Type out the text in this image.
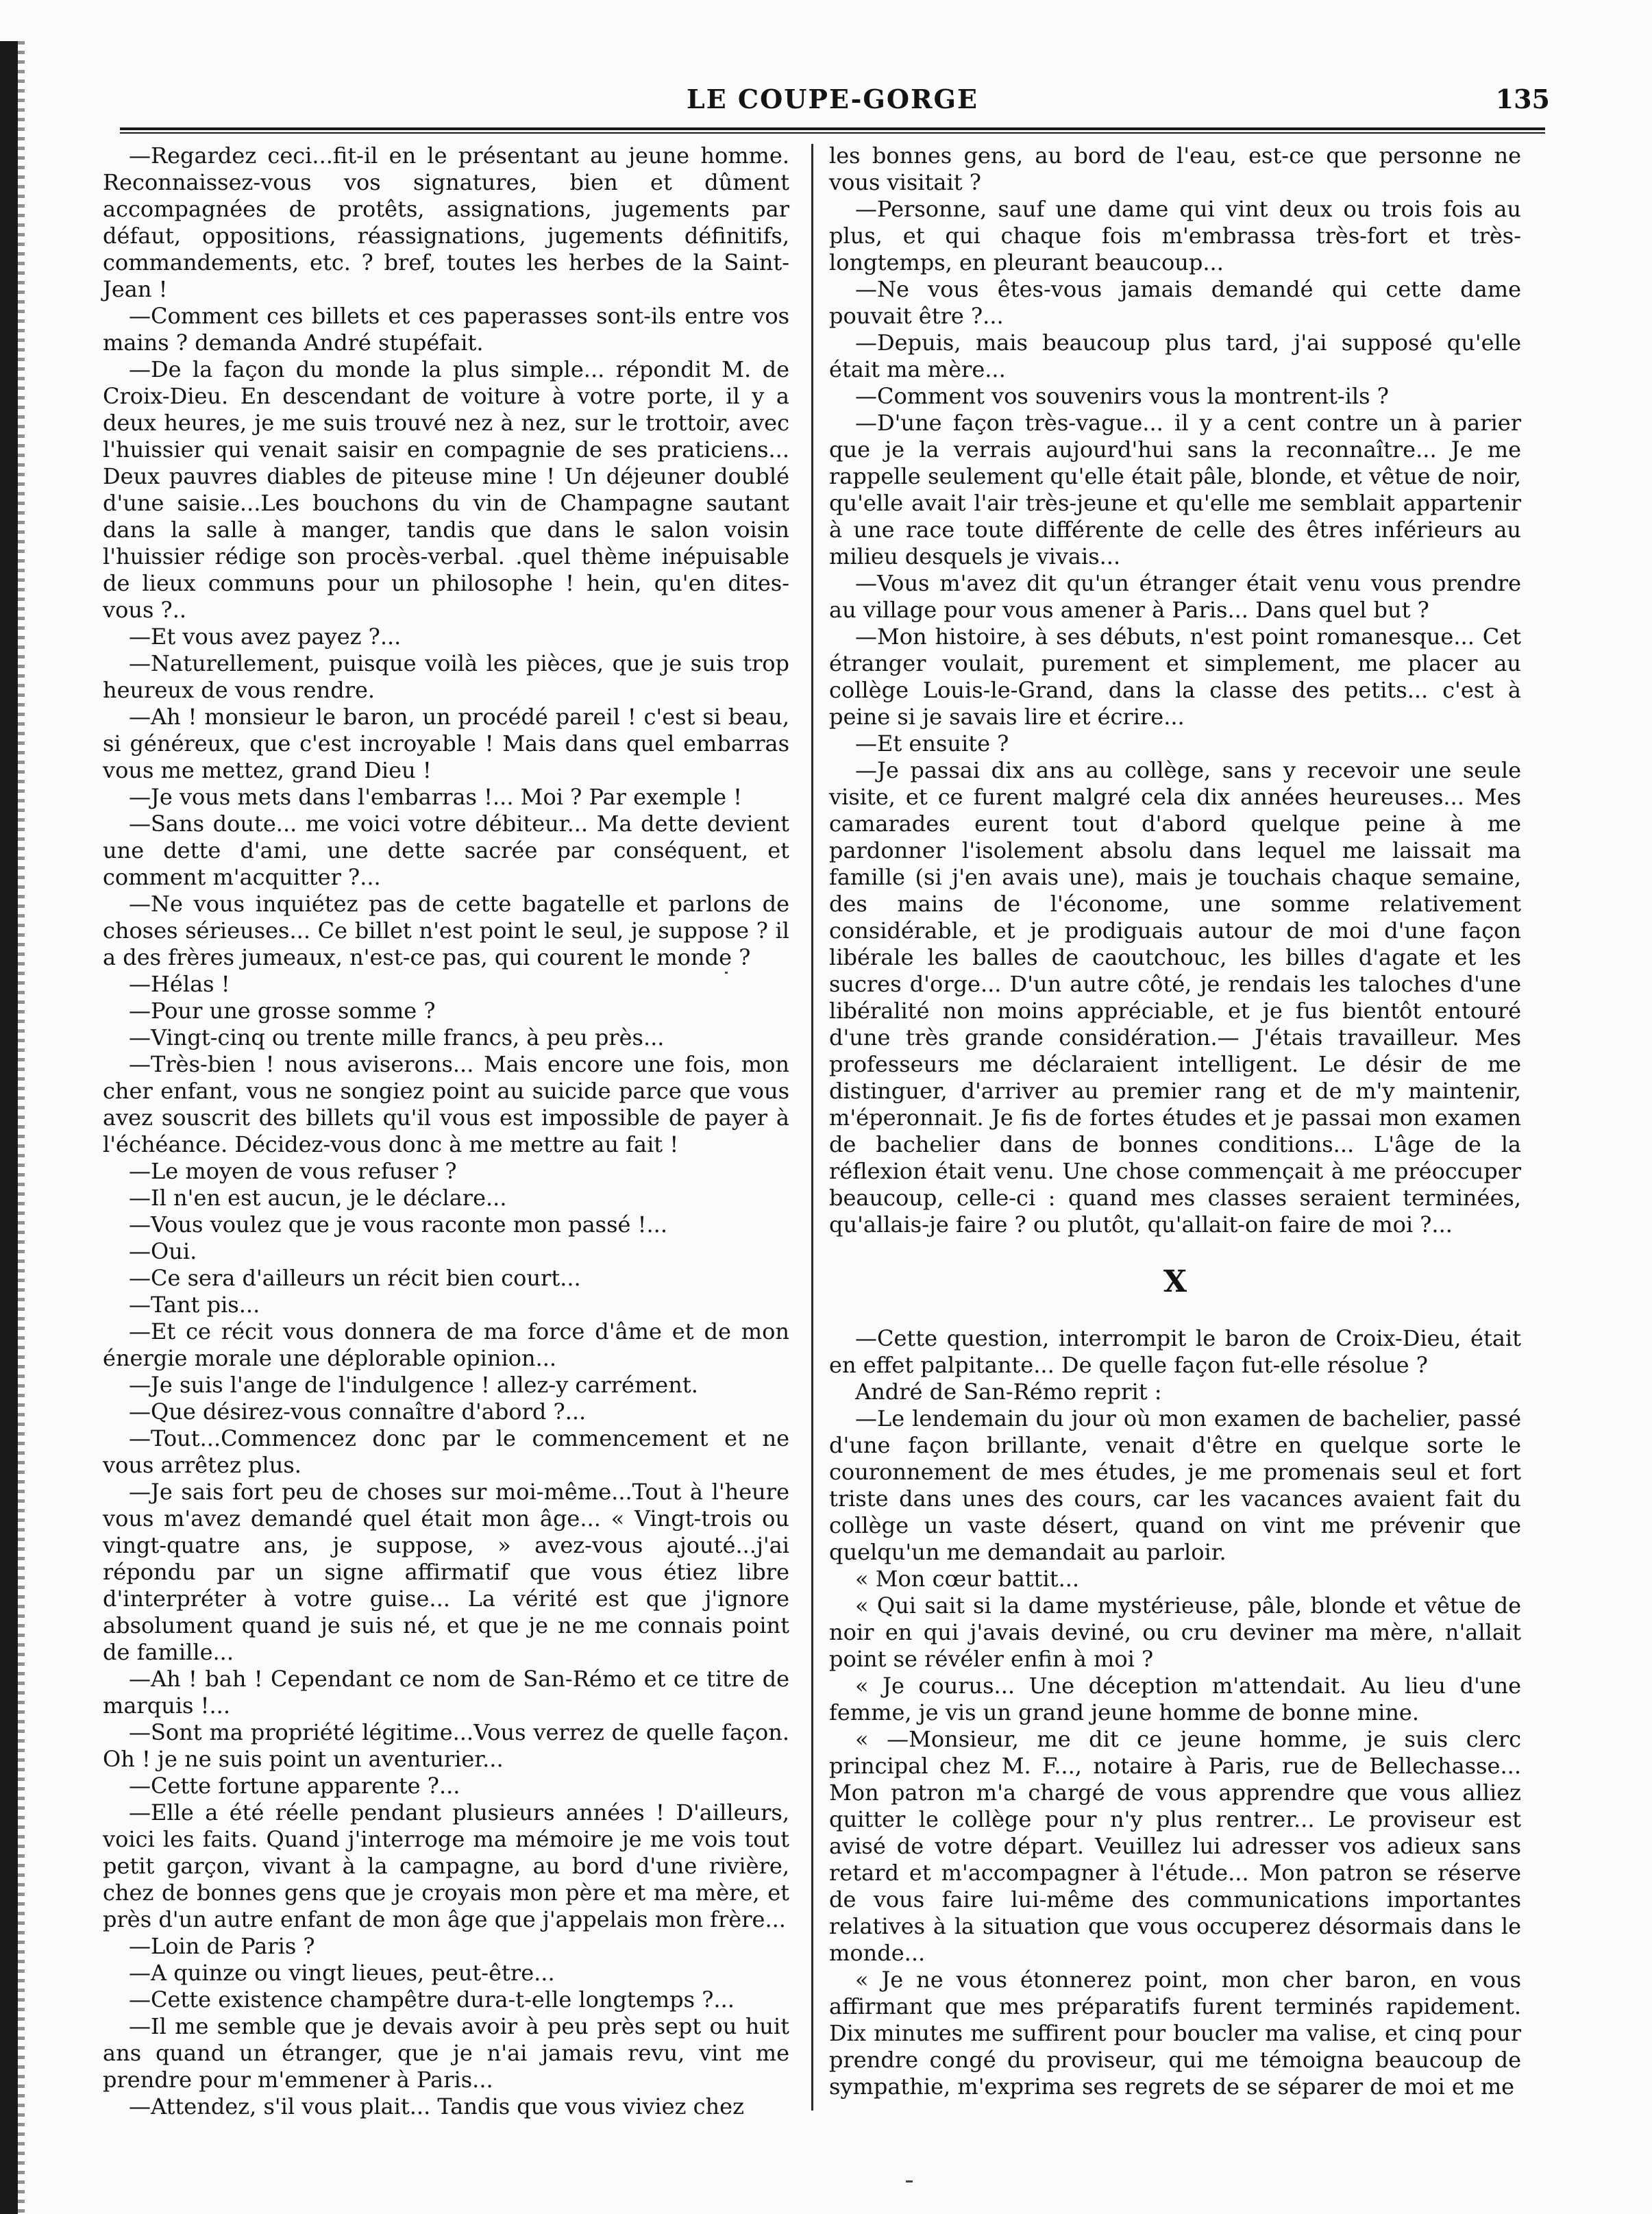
LE COUPE-GORGE	135

—Regardez ceci...fit-il en le présentant au jeune homme. Reconnaissez-vous vos signatures, bien et dûment accompagnées de protêts, assignations, jugements par défaut, oppositions, réassignations, jugements définitifs, commandements, etc. ? bref, toutes les herbes de la Saint-Jean !

—Comment ces billets et ces paperasses sont-ils entre vos mains ? demanda André stupéfait.

—De la façon du monde la plus simple... répondit M. de Croix-Dieu. En descendant de voiture à votre porte, il y a deux heures, je me suis trouvé nez à nez, sur le trottoir, avec l'huissier qui venait saisir en compagnie de ses praticiens... Deux pauvres diables de piteuse mine ! Un déjeuner doublé d'une saisie...Les bouchons du vin de Champagne sautant dans la salle à manger, tandis que dans le salon voisin l'huissier rédige son procès-verbal. .quel thème inépuisable de lieux communs pour un philosophe ! hein, qu'en dites-vous ?..

—Et vous avez payez ?...

—Naturellement, puisque voilà les pièces, que je suis trop heureux de vous rendre.

—Ah ! monsieur le baron, un procédé pareil ! c'est si beau, si généreux, que c'est incroyable ! Mais dans quel embarras vous me mettez, grand Dieu !

—Je vous mets dans l'embarras !... Moi ? Par exemple !

—Sans doute... me voici votre débiteur... Ma dette devient une dette d'ami, une dette sacrée par conséquent, et comment m'acquitter ?...

—Ne vous inquiétez pas de cette bagatelle et parlons de choses sérieuses... Ce billet n'est point le seul, je suppose ? il a des frères jumeaux, n'est-ce pas, qui courent le monde ?

—Hélas !

—Pour une grosse somme ?

—Vingt-cinq ou trente mille francs, à peu près...

—Très-bien ! nous aviserons... Mais encore une fois, mon cher enfant, vous ne songiez point au suicide parce que vous avez souscrit des billets qu'il vous est impossible de payer à l'échéance. Décidez-vous donc à me mettre au fait !

—Le moyen de vous refuser ?

—Il n'en est aucun, je le déclare...

—Vous voulez que je vous raconte mon passé !...

—Oui.

—Ce sera d'ailleurs un récit bien court...

—Tant pis...

—Et ce récit vous donnera de ma force d'âme et de mon énergie morale une déplorable opinion...

—Je suis l'ange de l'indulgence ! allez-y carrément.

—Que désirez-vous connaître d'abord ?...

—Tout...Commencez donc par le commencement et ne vous arrêtez plus.

—Je sais fort peu de choses sur moi-même...Tout à l'heure vous m'avez demandé quel était mon âge... « Vingt-trois ou vingt-quatre ans, je suppose, » avez-vous ajouté...j'ai répondu par un signe affirmatif que vous étiez libre d'interpréter à votre guise... La vérité est que j'ignore absolument quand je suis né, et que je ne me connais point de famille...

—Ah ! bah ! Cependant ce nom de San-Rémo et ce titre de marquis !...

—Sont ma propriété légitime...Vous verrez de quelle façon. Oh ! je ne suis point un aventurier...

—Cette fortune apparente ?...

—Elle a été réelle pendant plusieurs années ! D'ailleurs, voici les faits. Quand j'interroge ma mémoire je me vois tout petit garçon, vivant à la campagne, au bord d'une rivière, chez de bonnes gens que je croyais mon père et ma mère, et près d'un autre enfant de mon âge que j'appelais mon frère...

—Loin de Paris ?

—A quinze ou vingt lieues, peut-être...

—Cette existence champêtre dura-t-elle longtemps ?...

—Il me semble que je devais avoir à peu près sept ou huit ans quand un étranger, que je n'ai jamais revu, vint me prendre pour m'emmener à Paris...

—Attendez, s'il vous plait... Tandis que vous viviez chez

les bonnes gens, au bord de l'eau, est-ce que personne ne vous visitait ?

—Personne, sauf une dame qui vint deux ou trois fois au plus, et qui chaque fois m'embrassa très-fort et très-longtemps, en pleurant beaucoup...

—Ne vous êtes-vous jamais demandé qui cette dame pouvait être ?...

—Depuis, mais beaucoup plus tard, j'ai supposé qu'elle était ma mère...

—Comment vos souvenirs vous la montrent-ils ?

—D'une façon très-vague... il y a cent contre un à parier que je la verrais aujourd'hui sans la reconnaître... Je me rappelle seulement qu'elle était pâle, blonde, et vêtue de noir, qu'elle avait l'air très-jeune et qu'elle me semblait appartenir à une race toute différente de celle des êtres inférieurs au milieu desquels je vivais...

—Vous m'avez dit qu'un étranger était venu vous prendre au village pour vous amener à Paris... Dans quel but ?

—Mon histoire, à ses débuts, n'est point romanesque... Cet étranger voulait, purement et simplement, me placer au collège Louis-le-Grand, dans la classe des petits... c'est à peine si je savais lire et écrire...

—Et ensuite ?

—Je passai dix ans au collège, sans y recevoir une seule visite, et ce furent malgré cela dix années heureuses... Mes camarades eurent tout d'abord quelque peine à me pardonner l'isolement absolu dans lequel me laissait ma famille (si j'en avais une), mais je touchais chaque semaine, des mains de l'économe, une somme relativement considérable, et je prodiguais autour de moi d'une façon libérale les balles de caoutchouc, les billes d'agate et les sucres d'orge... D'un autre côté, je rendais les taloches d'une libéralité non moins appréciable, et je fus bientôt entouré d'une très grande considération.— J'étais travailleur. Mes professeurs me déclaraient intelligent. Le désir de me distinguer, d'arriver au premier rang et de m'y maintenir, m'éperonnait. Je fis de fortes études et je passai mon examen de bachelier dans de bonnes conditions... L'âge de la réflexion était venu. Une chose commençait à me préoccuper beaucoup, celle-ci : quand mes classes seraient terminées, qu'allais-je faire ? ou plutôt, qu'allait-on faire de moi ?...

X

—Cette question, interrompit le baron de Croix-Dieu, était en effet palpitante... De quelle façon fut-elle résolue ?

André de San-Rémo reprit :

—Le lendemain du jour où mon examen de bachelier, passé d'une façon brillante, venait d'être en quelque sorte le couronnement de mes études, je me promenais seul et fort triste dans unes des cours, car les vacances avaient fait du collège un vaste désert, quand on vint me prévenir que quelqu'un me demandait au parloir.

« Mon cœur battit...

« Qui sait si la dame mystérieuse, pâle, blonde et vêtue de noir en qui j'avais deviné, ou cru deviner ma mère, n'allait point se révéler enfin à moi ?

« Je courus... Une déception m'attendait. Au lieu d'une femme, je vis un grand jeune homme de bonne mine.

« —Monsieur, me dit ce jeune homme, je suis clerc principal chez M. F..., notaire à Paris, rue de Bellechasse... Mon patron m'a chargé de vous apprendre que vous alliez quitter le collège pour n'y plus rentrer... Le proviseur est avisé de votre départ. Veuillez lui adresser vos adieux sans retard et m'accompagner à l'étude... Mon patron se réserve de vous faire lui-même des communications importantes relatives à la situation que vous occuperez désormais dans le monde...

« Je ne vous étonnerez point, mon cher baron, en vous affirmant que mes préparatifs furent terminés rapidement. Dix minutes me suffirent pour boucler ma valise, et cinq pour prendre congé du proviseur, qui me témoigna beaucoup de sympathie, m'exprima ses regrets de se séparer de moi et me
